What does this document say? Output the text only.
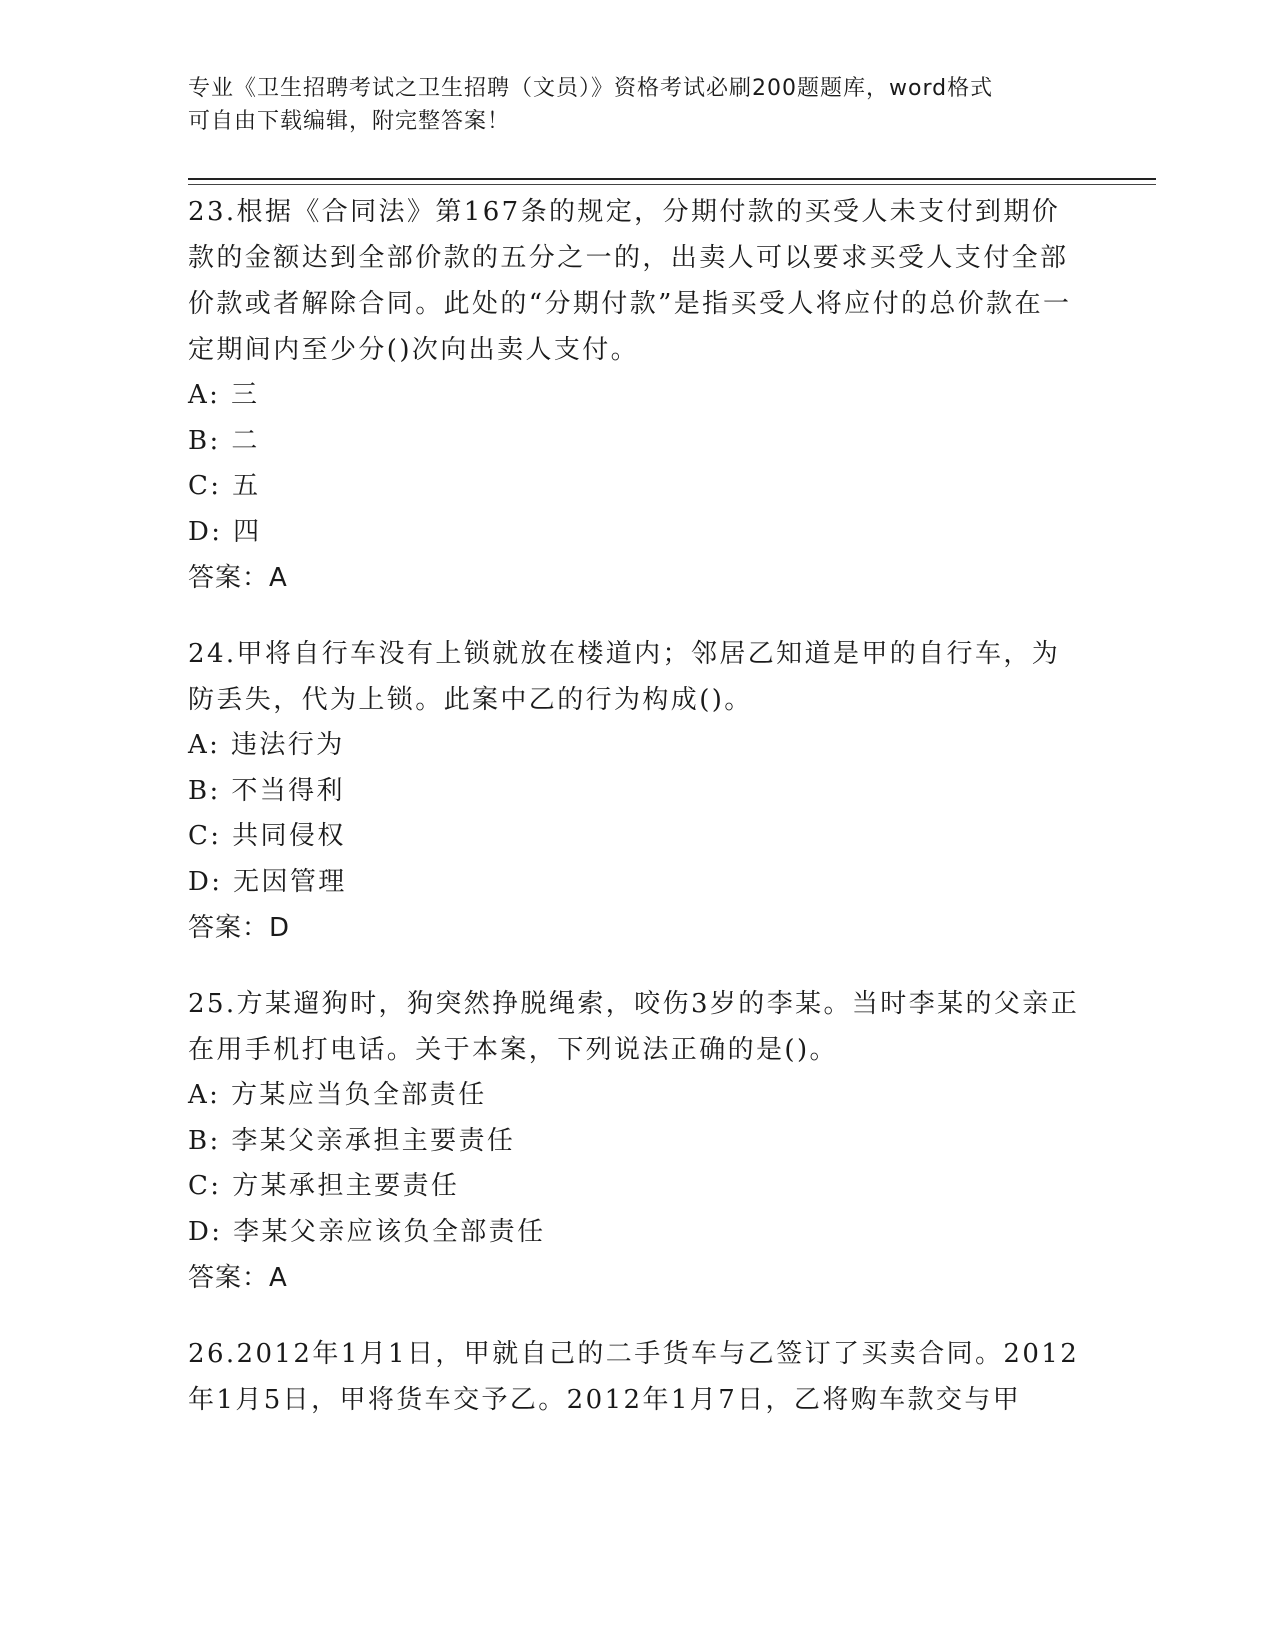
专业《卫生招聘考试之卫生招聘（文员）》资格考试必刷200题题库，word格式
可自由下载编辑，附完整答案！

23.根据《合同法》第167条的规定，分期付款的买受人未支付到期价款的金额达到全部价款的五分之一的，出卖人可以要求买受人支付全部价款或者解除合同。此处的“分期付款”是指买受人将应付的总价款在一定期间内至少分()次向出卖人支付。

A: 三

B: 二

C: 五

D: 四

答案：A

24.甲将自行车没有上锁就放在楼道内；邻居乙知道是甲的自行车，为防丢失，代为上锁。此案中乙的行为构成()。

A: 违法行为

B: 不当得利

C: 共同侵权

D: 无因管理

答案：D

25.方某遛狗时，狗突然挣脱绳索，咬伤3岁的李某。当时李某的父亲正在用手机打电话。关于本案，下列说法正确的是()。

A: 方某应当负全部责任

B: 李某父亲承担主要责任

C: 方某承担主要责任

D: 李某父亲应该负全部责任

答案：A

26.2012年1月1日，甲就自己的二手货车与乙签订了买卖合同。2012年1月5日，甲将货车交予乙。2012年1月7日，乙将购车款交与甲
